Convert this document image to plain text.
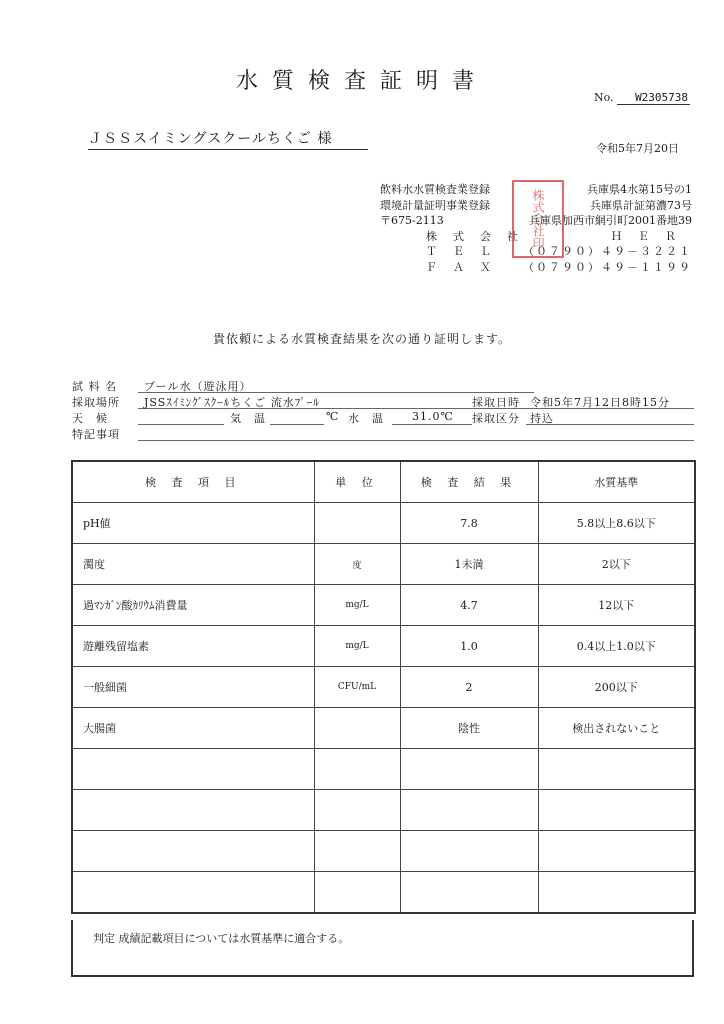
水質検査証明書
No. W2305738
ＪＳＳスイミングスクールちくご 様
令和5年7月20日
飲料水水質検査業登録	兵庫県4水第15号の1
環境計量証明事業登録	兵庫県計証第濃73号
〒675-2113	兵庫県加西市網引町2001番地39
株式会社	ＨＥＲ
ＴＥＬ （０７９０）４９－３２２１
ＦＡＸ （０７９０）４９－１１９９
株式会社印
貴依頼による水質検査結果を次の通り証明します。
試 料 名 プール水（遊泳用）
採取場所 JSSｽｲﾐﾝｸﾞｽｸｰﾙちくご 流水ﾌﾟｰﾙ	採取日時 令和5年7月12日8時15分
天　候	気　温	℃ 水　温	31.0℃ 採取区分 持込
特記事項
検 査 項 目	単 位	検 査 結 果	水質基準
pH値		7.8	5.8以上8.6以下
濁度	度	1未満	2以下
過ﾏﾝｶﾞﾝ酸ｶﾘｳﾑ消費量	mg/L	4.7	12以下
遊離残留塩素	mg/L	1.0	0.4以上1.0以下
一般細菌	CFU/mL	2	200以下
大腸菌		陰性	検出されないこと

判定 成績記載項目については水質基準に適合する。
